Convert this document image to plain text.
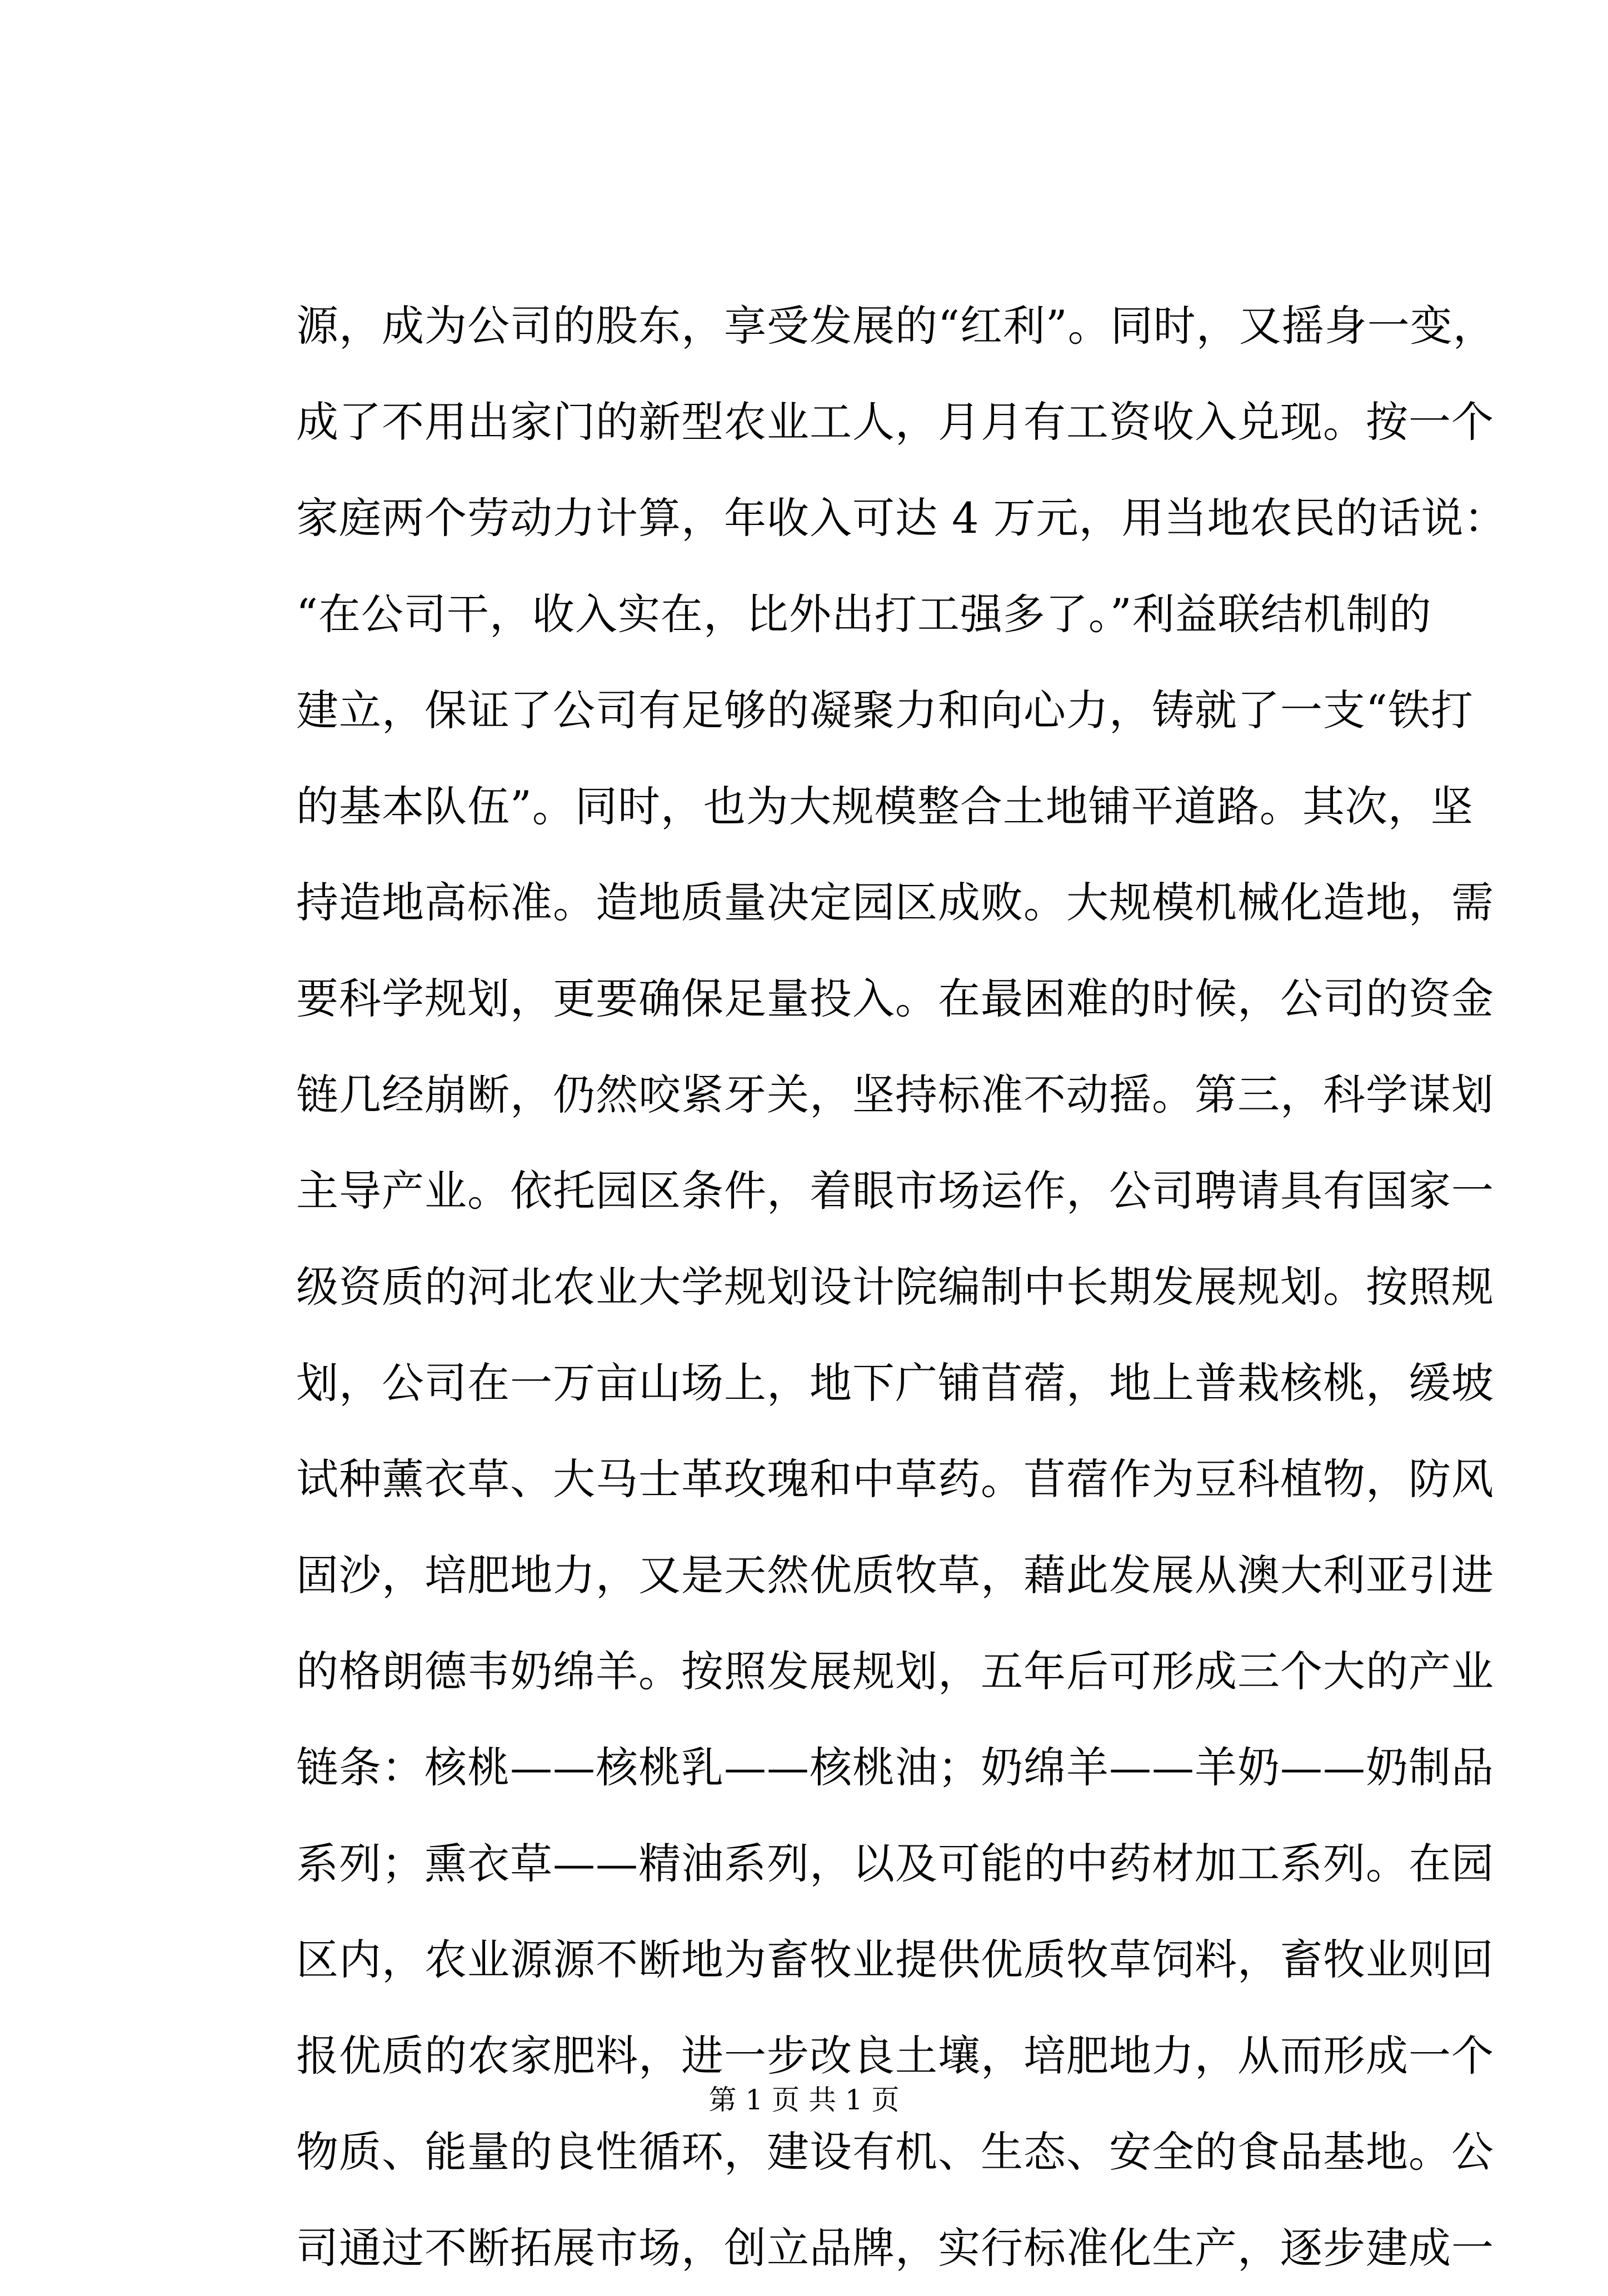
源，成为公司的股东，享受发展的“红利”。同时，又摇身一变，
成了不用出家门的新型农业工人，月月有工资收入兑现。按一个
家庭两个劳动力计算，年收入可达 4 万元，用当地农民的话说：
“在公司干，收入实在，比外出打工强多了。”利益联结机制的
建立，保证了公司有足够的凝聚力和向心力，铸就了一支“铁打
的基本队伍”。同时，也为大规模整合土地铺平道路。其次，坚
持造地高标准。造地质量决定园区成败。大规模机械化造地，需
要科学规划，更要确保足量投入。在最困难的时候，公司的资金
链几经崩断，仍然咬紧牙关，坚持标准不动摇。第三，科学谋划
主导产业。依托园区条件，着眼市场运作，公司聘请具有国家一
级资质的河北农业大学规划设计院编制中长期发展规划。按照规
划，公司在一万亩山场上，地下广铺苜蓿，地上普栽核桃，缓坡
试种薰衣草、大马士革玫瑰和中草药。苜蓿作为豆科植物，防风
固沙，培肥地力，又是天然优质牧草，藉此发展从澳大利亚引进
的格朗德韦奶绵羊。按照发展规划，五年后可形成三个大的产业
链条：核桃——核桃乳——核桃油；奶绵羊——羊奶——奶制品
系列；熏衣草——精油系列，以及可能的中药材加工系列。在园
区内，农业源源不断地为畜牧业提供优质牧草饲料，畜牧业则回
报优质的农家肥料，进一步改良土壤，培肥地力，从而形成一个
物质、能量的良性循环，建设有机、生态、安全的食品基地。公
司通过不断拓展市场，创立品牌，实行标准化生产，逐步建成一
第 1 页 共 1 页
